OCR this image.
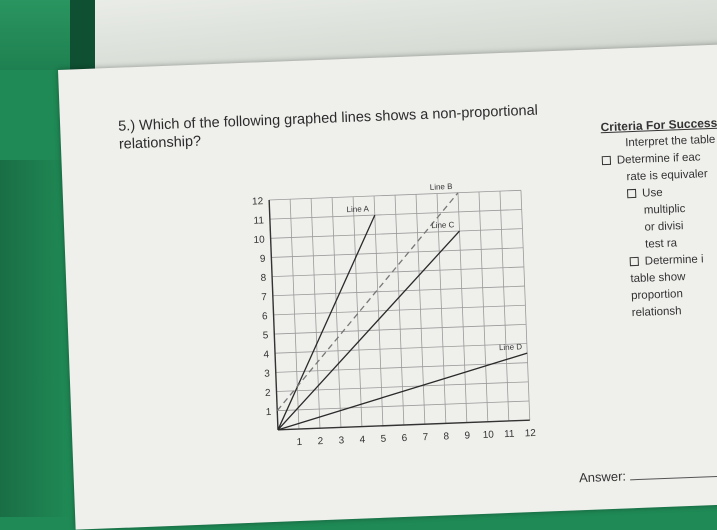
5.) Which of the following graphed lines shows a non-proportional
relationship?
Criteria For Success
Interpret the table
Determine if eac
rate is equivaler
Use
multiplic
or divisi
test ra
Determine i
table show
proportion
relationsh
1 2 3 4 5 6 7 8 9 10 11 12
1
2
3
4
5
6
7
8
9
10
11
12
Line A
Line B
Line C
Line D
Answer:
